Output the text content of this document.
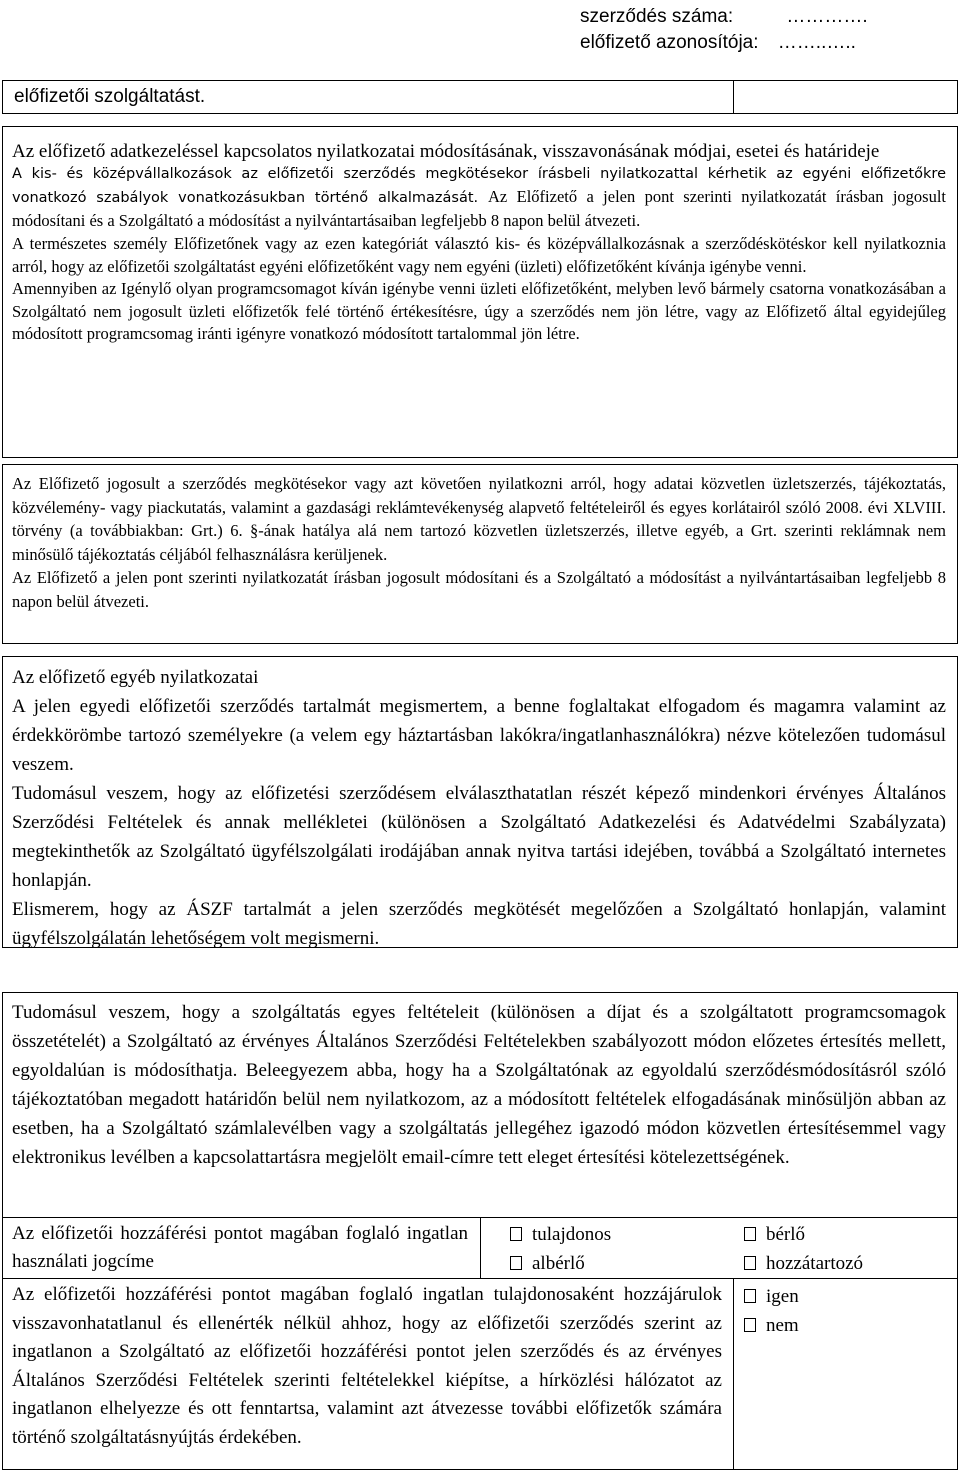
szerződés száma:	………….
előfizető azonosítója: ……..…..
előfizetői szolgáltatást.

Az előfizető adatkezeléssel kapcsolatos nyilatkozatai módosításának, visszavonásának módjai, esetei és határideje

A kis- és középvállalkozások az előfizetői szerződés megkötésekor írásbeli nyilatkozattal kérhetik az egyéni előfizetőkre vonatkozó szabályok vonatkozásukban történő alkalmazását. Az Előfizető a jelen pont szerinti nyilatkozatát írásban jogosult módosítani és a Szolgáltató a módosítást a nyilvántartásaiban legfeljebb 8 napon belül átvezeti.

A természetes személy Előfizetőnek vagy az ezen kategóriát választó kis- és középvállalkozásnak a szerződéskötéskor kell nyilatkoznia arról, hogy az előfizetői szolgáltatást egyéni előfizetőként vagy nem egyéni (üzleti) előfizetőként kívánja igénybe venni.

Amennyiben az Igénylő olyan programcsomagot kíván igénybe venni üzleti előfizetőként, melyben levő bármely csatorna vonatkozásában a Szolgáltató nem jogosult üzleti előfizetők felé történő értékesítésre, úgy a szerződés nem jön létre, vagy az Előfizető által egyidejűleg módosított programcsomag iránti igényre vonatkozó módosított tartalommal jön létre.

Az Előfizető jogosult a szerződés megkötésekor vagy azt követően nyilatkozni arról, hogy adatai közvetlen üzletszerzés, tájékoztatás, közvélemény- vagy piackutatás, valamint a gazdasági reklámtevékenység alapvető feltételeiről és egyes korlátairól szóló 2008. évi XLVIII. törvény (a továbbiakban: Grt.) 6. §-ának hatálya alá nem tartozó közvetlen üzletszerzés, illetve egyéb, a Grt. szerinti reklámnak nem minősülő tájékoztatás céljából felhasználásra kerüljenek.

Az Előfizető a jelen pont szerinti nyilatkozatát írásban jogosult módosítani és a Szolgáltató a módosítást a nyilvántartásaiban legfeljebb 8 napon belül átvezeti.

Az előfizető egyéb nyilatkozatai

A jelen egyedi előfizetői szerződés tartalmát megismertem, a benne foglaltakat elfogadom és magamra valamint az érdekkörömbe tartozó személyekre (a velem egy háztartásban lakókra/ingatlanhasználókra) nézve kötelezően tudomásul veszem.

Tudomásul veszem, hogy az előfizetési szerződésem elválaszthatatlan részét képező mindenkori érvényes Általános Szerződési Feltételek és annak mellékletei (különösen a Szolgáltató Adatkezelési és Adatvédelmi Szabályzata) megtekinthetők az Szolgáltató ügyfélszolgálati irodájában annak nyitva tartási idejében, továbbá a Szolgáltató internetes honlapján.

Elismerem, hogy az ÁSZF tartalmát a jelen szerződés megkötését megelőzően a Szolgáltató honlapján, valamint ügyfélszolgálatán lehetőségem volt megismerni.

Tudomásul veszem, hogy a szolgáltatás egyes feltételeit (különösen a díjat és a szolgáltatott programcsomagok összetételét) a Szolgáltató az érvényes Általános Szerződési Feltételekben szabályozott módon előzetes értesítés mellett, egyoldalúan is módosíthatja. Beleegyezem abba, hogy ha a Szolgáltatónak az egyoldalú szerződésmódosításról szóló tájékoztatóban megadott határidőn belül nem nyilatkozom, az a módosított feltételek elfogadásának minősüljön abban az esetben, ha a Szolgáltató számlalevélben vagy a szolgáltatás jellegéhez igazodó módon közvetlen értesítésemmel vagy elektronikus levélben a kapcsolattartásra megjelölt email-címre tett eleget értesítési kötelezettségének.

Az előfizetői hozzáférési pontot magában foglaló ingatlan használati jogcíme
tulajdonos	bérlő
albérlő	hozzátartozó
Az előfizetői hozzáférési pontot magában foglaló ingatlan tulajdonosaként hozzájárulok visszavonhatatlanul és ellenérték nélkül ahhoz, hogy az előfizetői szerződés szerint az ingatlanon a Szolgáltató az előfizetői hozzáférési pontot jelen szerződés és az érvényes Általános Szerződési Feltételek szerinti feltételekkel kiépítse, a hírközlési hálózatot az ingatlanon elhelyezze és ott fenntartsa, valamint azt átvezesse további előfizetők számára történő szolgáltatásnyújtás érdekében.
igen
nem
